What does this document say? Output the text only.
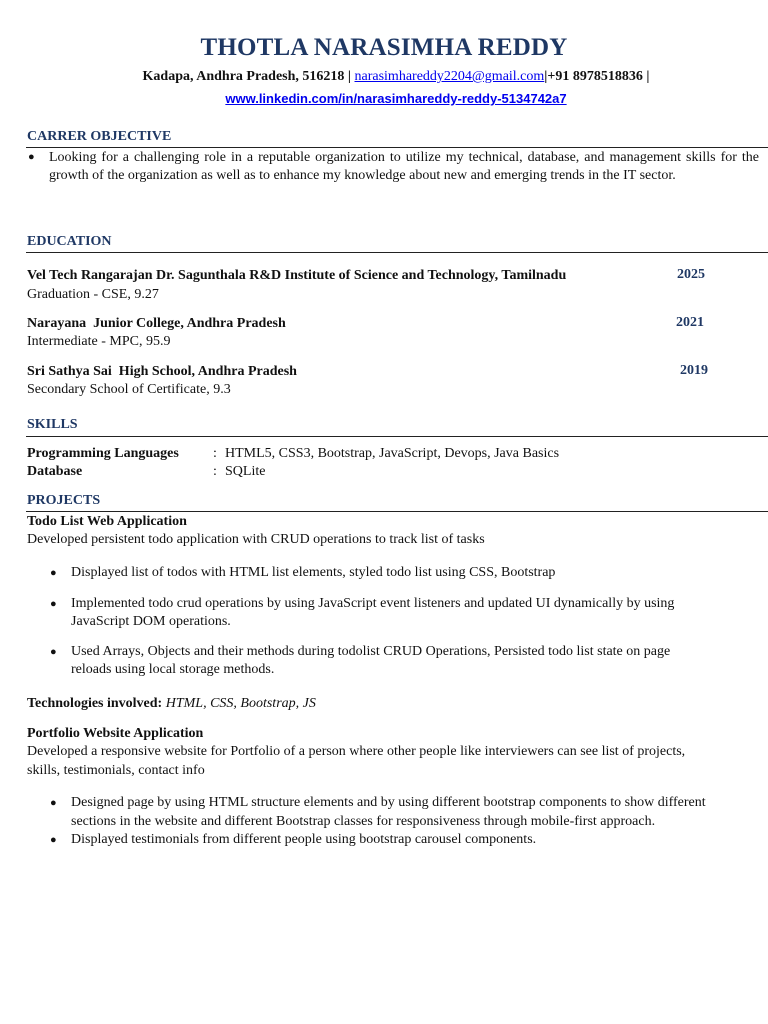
THOTLA NARASIMHA REDDY
Kadapa, Andhra Pradesh, 516218 | narasimhareddy2204@gmail.com|+91 8978518836 |
www.linkedin.com/in/narasimhareddy-reddy-5134742a7
CARRER OBJECTIVE
● Looking for a challenging role in a reputable organization to utilize my technical, database, and management skills for the growth of the organization as well as to enhance my knowledge about new and emerging trends in the IT sector.
EDUCATION
Vel Tech Rangarajan Dr. Sagunthala R&D Institute of Science and Technology, Tamilnadu	2025
Graduation - CSE, 9.27
Narayana  Junior College, Andhra Pradesh	2021
Intermediate - MPC, 95.9
Sri Sathya Sai  High School, Andhra Pradesh	2019
Secondary School of Certificate, 9.3
SKILLS
Programming Languages : HTML5, CSS3, Bootstrap, JavaScript, Devops, Java Basics
Database	: SQLite
PROJECTS
Todo List Web Application
Developed persistent todo application with CRUD operations to track list of tasks
● Displayed list of todos with HTML list elements, styled todo list using CSS, Bootstrap
● Implemented todo crud operations by using JavaScript event listeners and updated UI dynamically by using
JavaScript DOM operations.
● Used Arrays, Objects and their methods during todolist CRUD Operations, Persisted todo list state on page
reloads using local storage methods.
Technologies involved: HTML, CSS, Bootstrap, JS
Portfolio Website Application
Developed a responsive website for Portfolio of a person where other people like interviewers can see list of projects,
skills, testimonials, contact info
● Designed page by using HTML structure elements and by using different bootstrap components to show different
sections in the website and different Bootstrap classes for responsiveness through mobile-first approach.
● Displayed testimonials from different people using bootstrap carousel components.
